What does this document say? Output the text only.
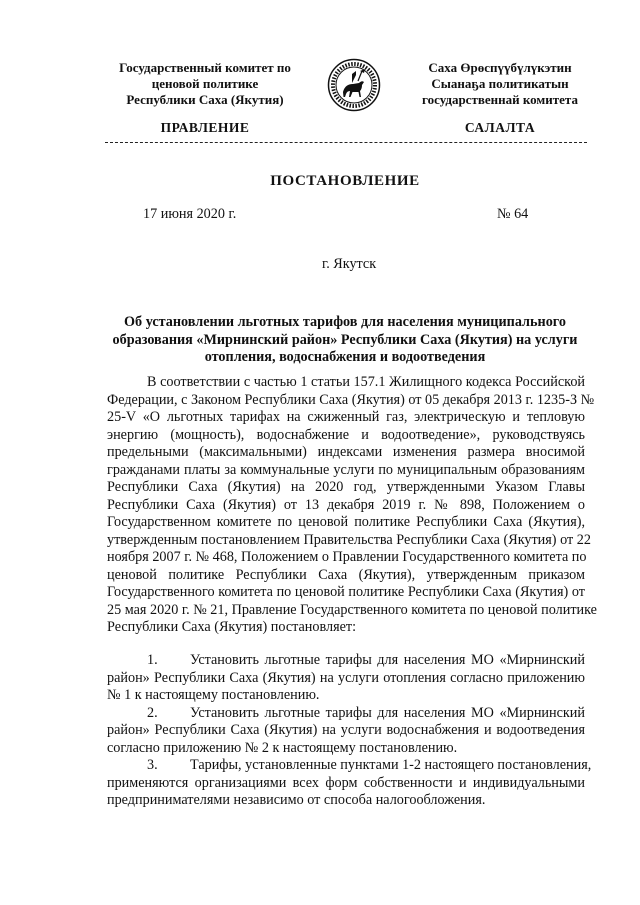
Государственный комитет по
ценовой политике
Республики Саха (Якутия)
Саха Өрөспүүбүлүкэтин
Сыанаҕа политикатын
государственнай комитета
ПРАВЛЕНИЕ	САЛАЛТА
ПОСТАНОВЛЕНИЕ
17 июня 2020 г.	№ 64
г. Якутск
Об установлении льготных тарифов для населения муниципального
образования «Мирнинский район» Республики Саха (Якутия) на услуги
отопления, водоснабжения и водоотведения
В соответствии с частью 1 статьи 157.1 Жилищного кодекса Российской
Федерации, с Законом Республики Саха (Якутия) от 05 декабря 2013 г. 1235-З №
25-V «О льготных тарифах на сжиженный газ, электрическую и тепловую
энергию (мощность), водоснабжение и водоотведение», руководствуясь
предельными (максимальными) индексами изменения размера вносимой
гражданами платы за коммунальные услуги по муниципальным образованиям
Республики Саха (Якутия) на 2020 год, утвержденными Указом Главы
Республики Саха (Якутия) от 13 декабря 2019 г. № 898, Положением о
Государственном комитете по ценовой политике Республики Саха (Якутия),
утвержденным постановлением Правительства Республики Саха (Якутия) от 22
ноября 2007 г. № 468, Положением о Правлении Государственного комитета по
ценовой политике Республики Саха (Якутия), утвержденным приказом
Государственного комитета по ценовой политике Республики Саха (Якутия) от
25 мая 2020 г. № 21, Правление Государственного комитета по ценовой политике
Республики Саха (Якутия) постановляет:
1. Установить льготные тарифы для населения МО «Мирнинский
район» Республики Саха (Якутия) на услуги отопления согласно приложению
№ 1 к настоящему постановлению.
2. Установить льготные тарифы для населения МО «Мирнинский
район» Республики Саха (Якутия) на услуги водоснабжения и водоотведения
согласно приложению № 2 к настоящему постановлению.
3. Тарифы, установленные пунктами 1-2 настоящего постановления,
применяются организациями всех форм собственности и индивидуальными
предпринимателями независимо от способа налогообложения.
